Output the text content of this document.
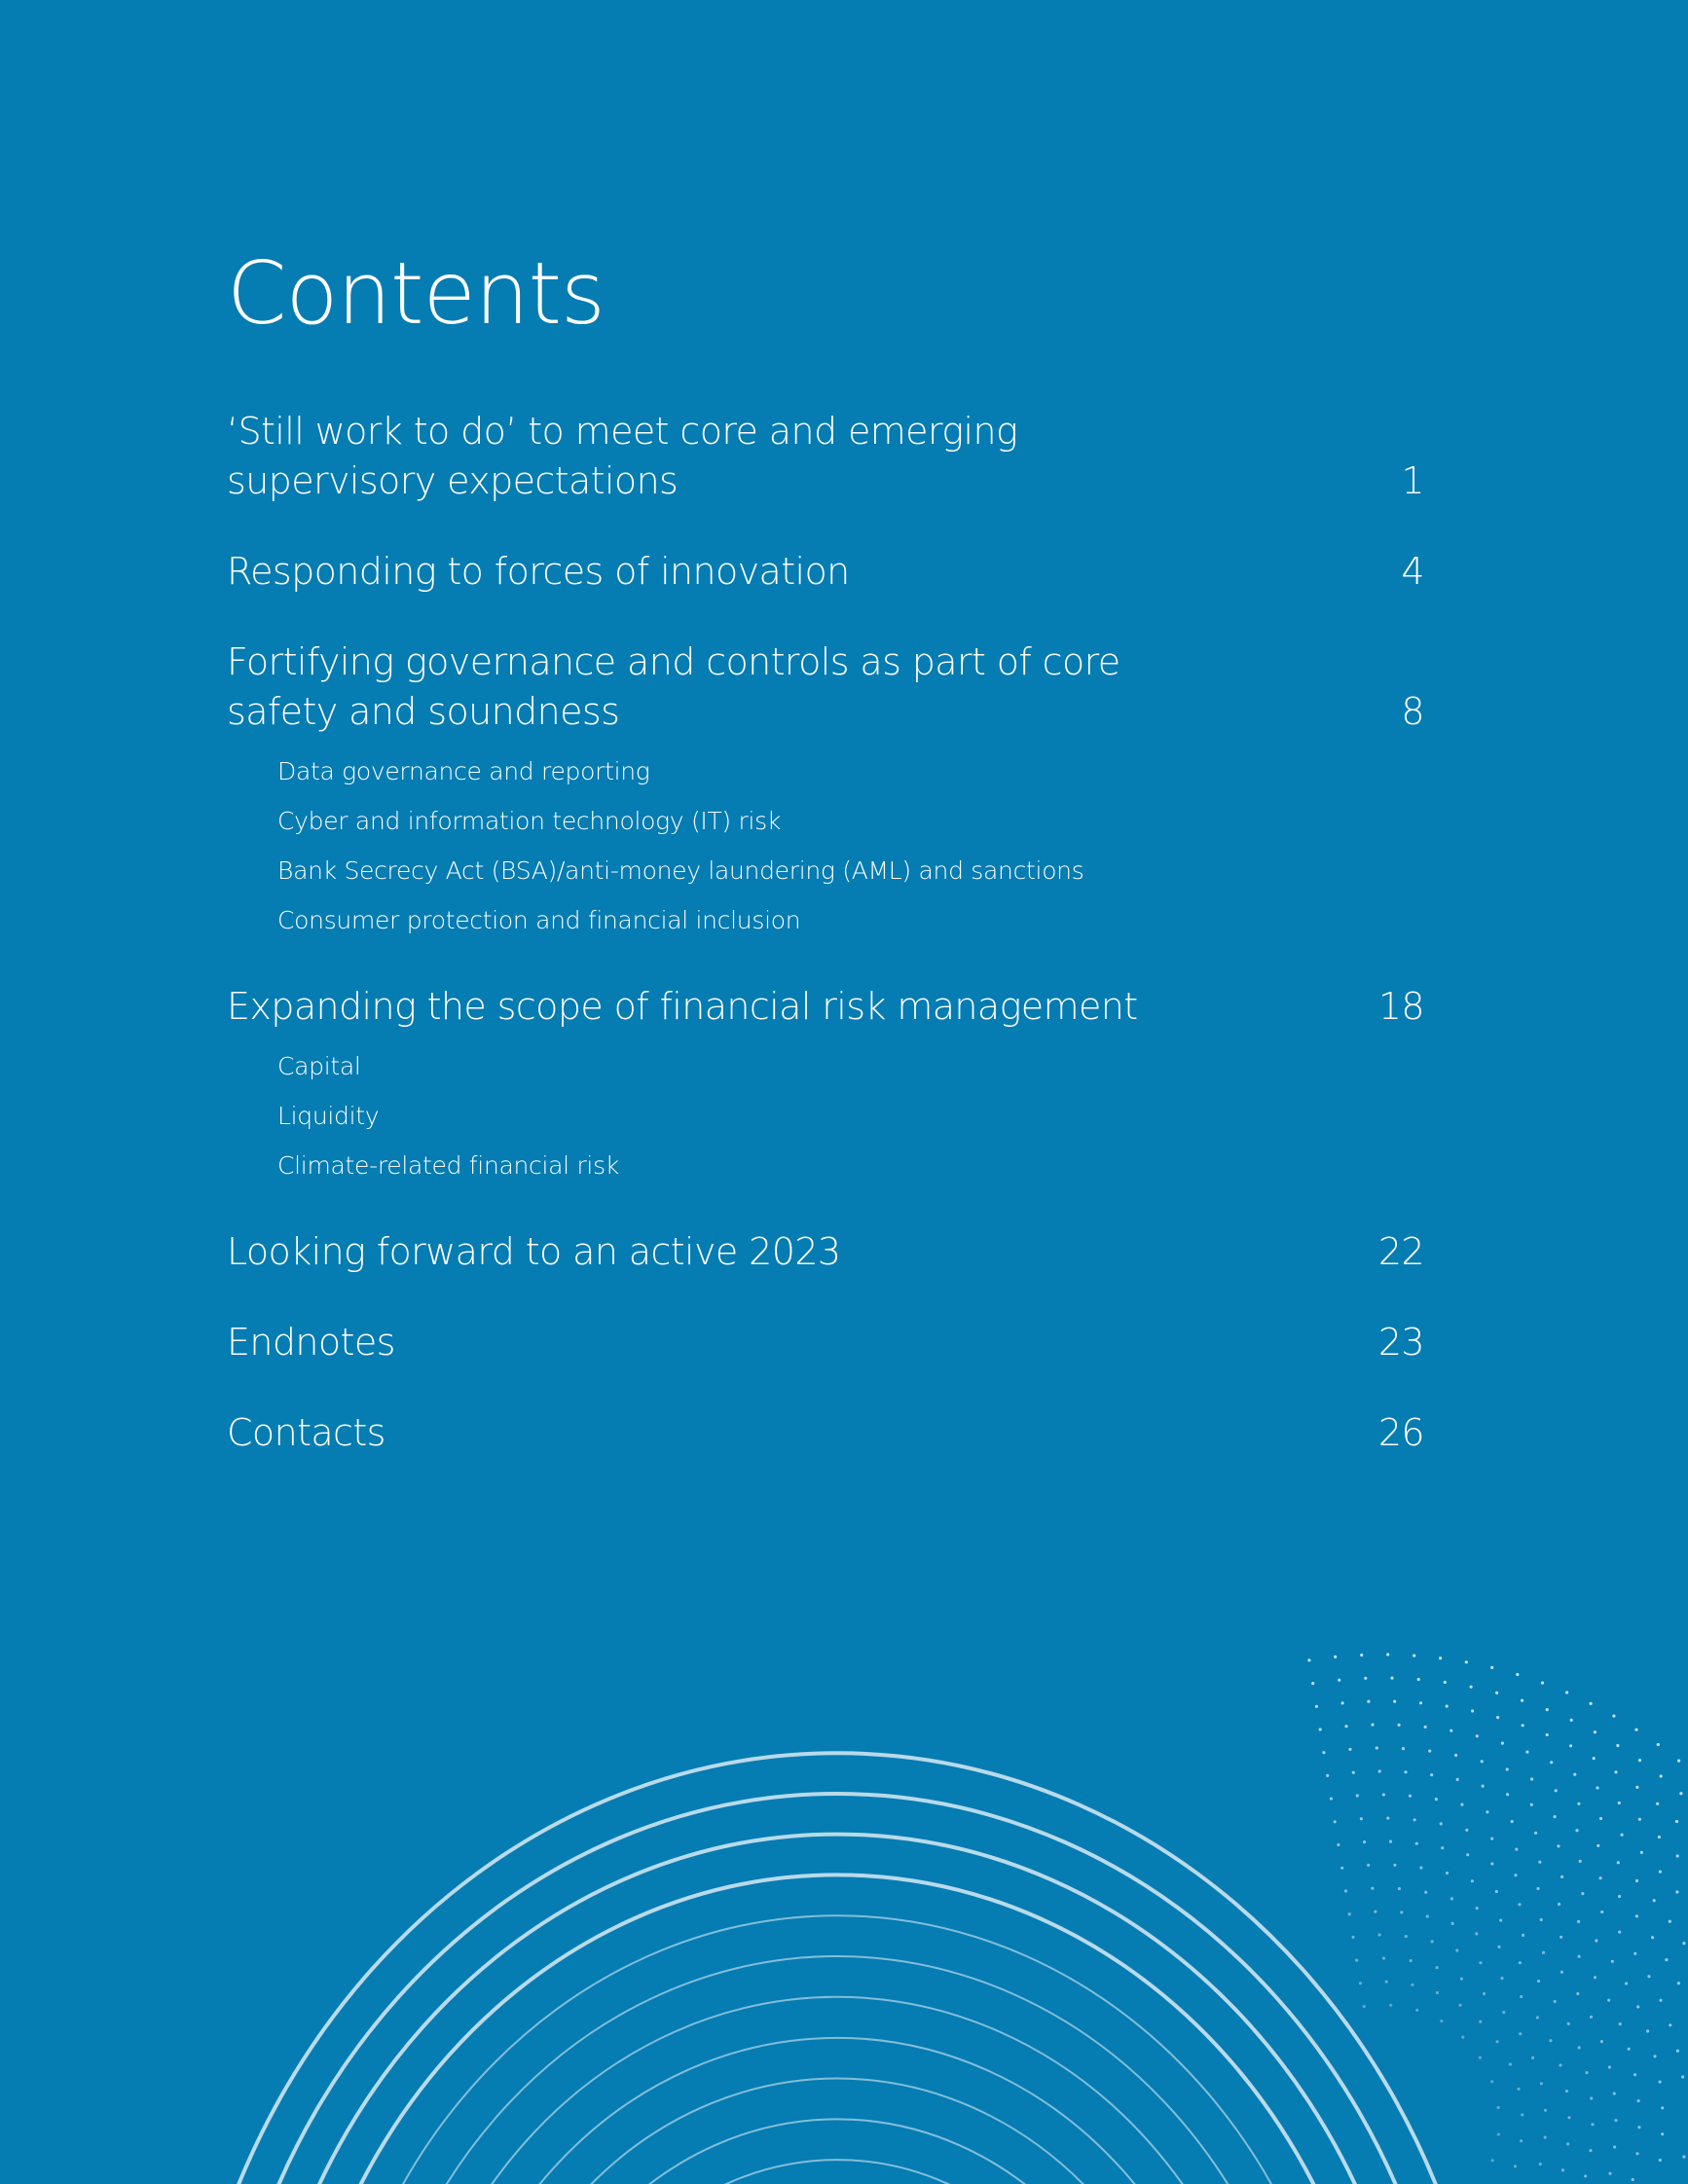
Contents
‘Still work to do’ to meet core and emerging supervisory expectations	1
Responding to forces of innovation	4
Fortifying governance and controls as part of core safety and soundness	8
Data governance and reporting
Cyber and information technology (IT) risk
Bank Secrecy Act (BSA)/anti-money laundering (AML) and sanctions
Consumer protection and financial inclusion
Expanding the scope of financial risk management	18
Capital
Liquidity
Climate-related financial risk
Looking forward to an active 2023	22
Endnotes	23
Contacts	26
